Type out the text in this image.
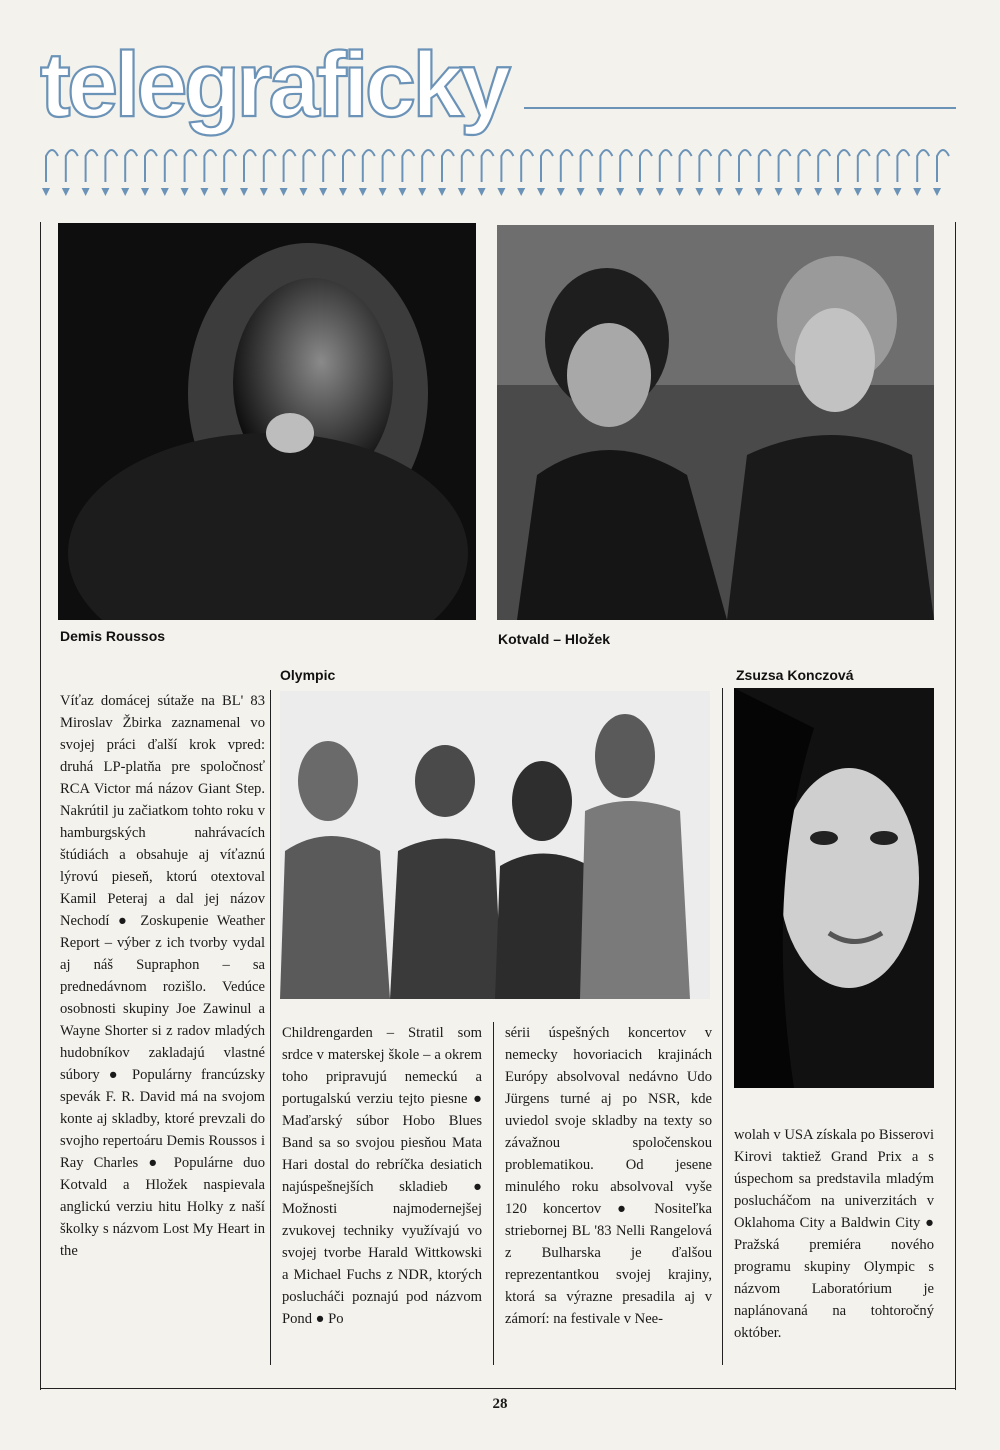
telegraficky
Demis Roussos	Kotvald – Hložek
Olympic	Zsuzsa Konczová
Víťaz domácej sútaže na BL' 83 Miroslav Žbirka zaznamenal vo svojej práci ďalší krok vpred: druhá LP-platňa pre spoločnosť RCA Victor má názov Giant Step. Nakrútil ju začiatkom tohto roku v hamburgských nahrávacích štúdiách a obsahuje aj víťaznú lýrovú pieseň, ktorú otextoval Kamil Peteraj a dal jej názov Nechodí ● Zoskupenie Weather Report – výber z ich tvorby vydal aj náš Supraphon – sa prednedávnom rozišlo. Vedúce osobnosti skupiny Joe Zawinul a Wayne Shorter si z radov mladých hudobníkov zakladajú vlastné súbory ● Populárny francúzsky spevák F. R. David má na svojom konte aj skladby, ktoré prevzali do svojho repertoáru Demis Roussos i Ray Charles ● Populárne duo Kotvald a Hložek naspievala anglickú verziu hitu Holky z naší školky s názvom Lost My Heart in the
Childrengarden – Stratil som srdce v materskej škole – a okrem toho pripravujú nemeckú a portugalskú verziu tejto piesne ● Maďarský súbor Hobo Blues Band sa so svojou piesňou Mata Hari dostal do rebríčka desiatich najúspešnejších skladieb ● Možnosti najmodernejšej zvukovej techniky využívajú vo svojej tvorbe Harald Wittkowski a Michael Fuchs z NDR, ktorých poslucháči poznajú pod názvom Pond ● Po
sérii úspešných koncertov v nemecky hovoriacich krajinách Európy absolvoval nedávno Udo Jürgens turné aj po NSR, kde uviedol svoje skladby na texty so závažnou spoločenskou problematikou. Od jesene minulého roku absolvoval vyše 120 koncertov ● Nositeľka striebornej BL '83 Nelli Rangelová z Bulharska je ďalšou reprezentantkou svojej krajiny, ktorá sa výrazne presadila aj v zámorí: na festivale v Nee-
wolah v USA získala po Bisserovi Kirovi taktiež Grand Prix a s úspechom sa predstavila mladým poslucháčom na univerzitách v Oklahoma City a Baldwin City ● Pražská premiéra nového programu skupiny Olympic s názvom Laboratórium je naplánovaná na tohtoročný október.
28
